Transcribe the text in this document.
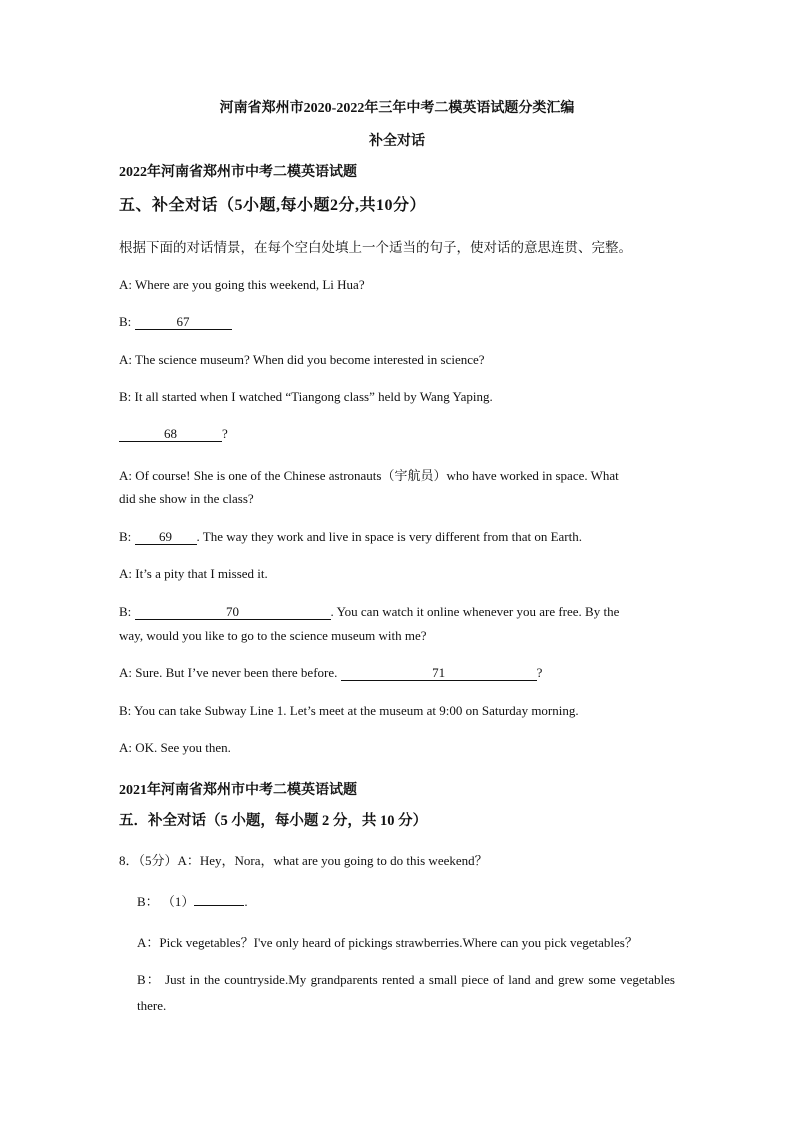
河南省郑州市2020-2022年三年中考二模英语试题分类汇编
补全对话
2022年河南省郑州市中考二模英语试题
五、补全对话（5小题,每小题2分,共10分）
根据下面的对话情景，在每个空白处填上一个适当的句子，使对话的意思连贯、完整。
A: Where are you going this weekend, Li Hua?
B:	67
A: The science museum? When did you become interested in science?
B: It all started when I watched “Tiangong class” held by Wang Yaping.
68	?
A: Of course! She is one of the Chinese astronauts（宇航员）who have worked in space. What
did she show in the class?
B: 69 . The way they work and live in space is very different from that on Earth.
A: It’s a pity that I missed it.
B:	70	. You can watch it online whenever you are free. By the
way, would you like to go to the science museum with me?
A: Sure. But I’ve never been there before.	71	?
B: You can take Subway Line 1. Let’s meet at the museum at 9:00 on Saturday morning.
A: OK. See you then.
2021年河南省郑州市中考二模英语试题
五．补全对话（5 小题，每小题 2 分，共 10 分）
8．（5分）A：Hey，Nora，what are you going to do this weekend？
B： （1）	.
A：Pick vegetables？I've only heard of pickings strawberries.Where can you pick vegetables？
B： Just in the countryside.My grandparents rented a small piece of land and grew some vegetables there.
